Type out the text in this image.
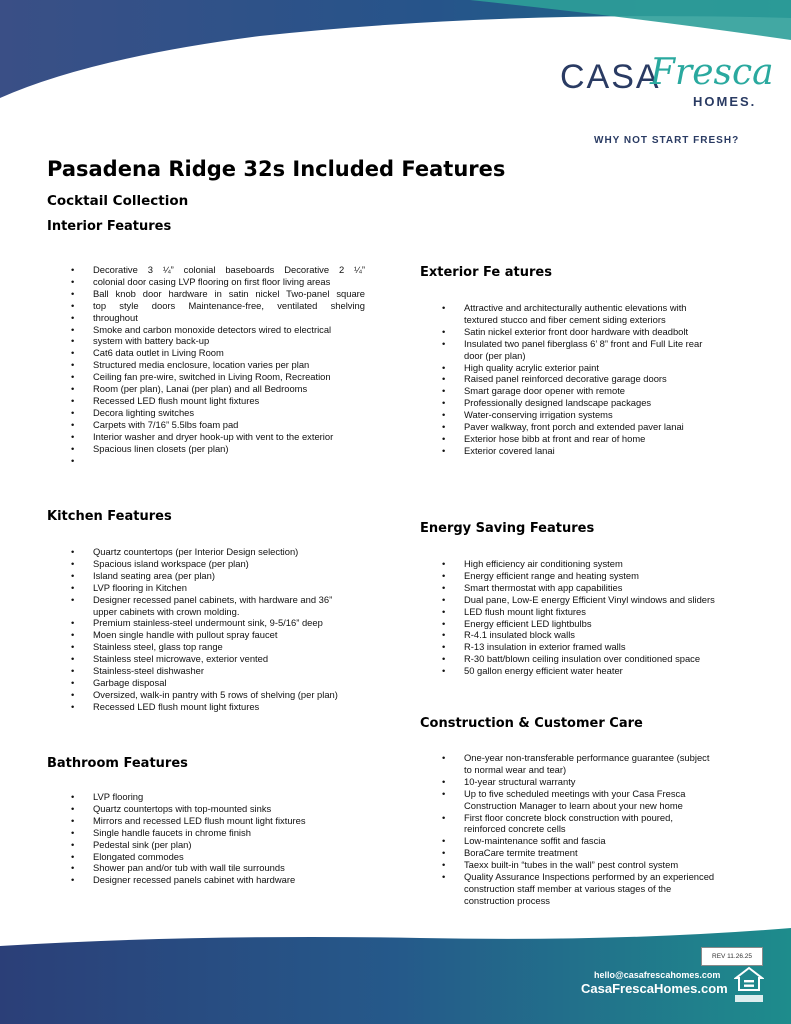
CASA
Fresca
HOMES.
WHY NOT START FRESH?
Pasadena Ridge 32s Included Features
Cocktail Collection
Interior Features
• Decorative 3 ¼” colonial baseboards Decorative 2 ¼”
• colonial door casing LVP flooring on first floor living areas
• Ball knob door hardware in satin nickel Two-panel square
• top style doors Maintenance-free, ventilated shelving
• throughout
• Smoke and carbon monoxide detectors wired to electrical
• system with battery back-up
• Cat6 data outlet in Living Room
• Structured media enclosure, location varies per plan
• Ceiling fan pre-wire, switched in Living Room, Recreation
• Room (per plan), Lanai (per plan) and all Bedrooms
• Recessed LED flush mount light fixtures
• Decora lighting switches
• Carpets with 7/16” 5.5lbs foam pad
• Interior washer and dryer hook-up with vent to the exterior
• Spacious linen closets (per plan)
•

Exterior Fe atures
• Attractive and architecturally authentic elevations with
textured stucco and fiber cement siding exteriors
• Satin nickel exterior front door hardware with deadbolt
• Insulated two panel fiberglass 6’ 8” front and Full Lite rear
door (per plan)
• High quality acrylic exterior paint
• Raised panel reinforced decorative garage doors
• Smart garage door opener with remote
• Professionally designed landscape packages
• Water-conserving irrigation systems
• Paver walkway, front porch and extended paver lanai
• Exterior hose bibb at front and rear of home
• Exterior covered lanai
Kitchen Features
• Quartz countertops (per Interior Design selection)
• Spacious island workspace (per plan)
• Island seating area (per plan)
• LVP flooring in Kitchen
• Designer recessed panel cabinets, with hardware and 36”
upper cabinets with crown molding.
• Premium stainless-steel undermount sink, 9-5/16” deep
• Moen single handle with pullout spray faucet
• Stainless steel, glass top range
• Stainless steel microwave, exterior vented
• Stainless-steel dishwasher
• Garbage disposal
• Oversized, walk-in pantry with 5 rows of shelving (per plan)
• Recessed LED flush mount light fixtures
Energy Saving Features
• High efficiency air conditioning system
• Energy efficient range and heating system
• Smart thermostat with app capabilities
• Dual pane, Low-E energy Efficient Vinyl windows and sliders
• LED flush mount light fixtures
• Energy efficient LED lightbulbs
• R-4.1 insulated block walls
• R-13 insulation in exterior framed walls
• R-30 batt/blown ceiling insulation over conditioned space
• 50 gallon energy efficient water heater
Construction & Customer Care
• One-year non-transferable performance guarantee (subject
to normal wear and tear)
• 10-year structural warranty
• Up to five scheduled meetings with your Casa Fresca
Construction Manager to learn about your new home
• First floor concrete block construction with poured,
reinforced concrete cells
• Low-maintenance soffit and fascia
• BoraCare termite treatment
• Taexx built-in “tubes in the wall” pest control system
• Quality Assurance Inspections performed by an experienced
construction staff member at various stages of the
construction process
Bathroom Features
• LVP flooring
• Quartz countertops with top-mounted sinks
• Mirrors and recessed LED flush mount light fixtures
• Single handle faucets in chrome finish
• Pedestal sink (per plan)
• Elongated commodes
• Shower pan and/or tub with wall tile surrounds
• Designer recessed panels cabinet with hardware
REV 11.26.25
hello@casafrescahomes.com
CasaFrescaHomes.com
